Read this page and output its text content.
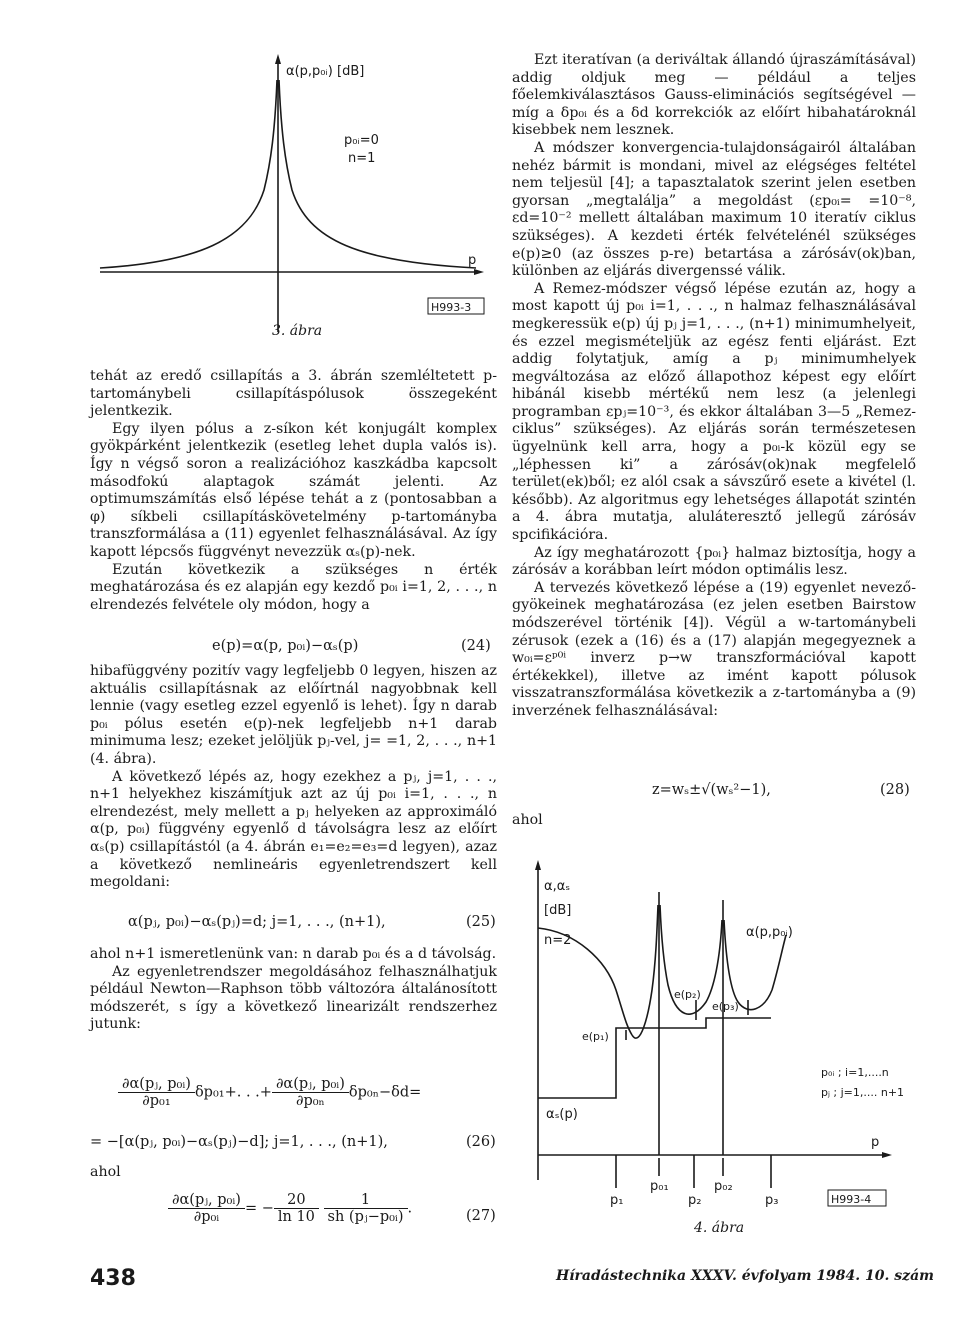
α(p,p₀ᵢ) [dB]
p₀ᵢ=0
n=1
p
H993-3
3. ábra

tehát az eredő csillapítás a 3. ábrán szemléltetett p-tartománybeli csillapításpólusok összegeként jelentkezik.

Egy ilyen pólus a z-síkon két konjugált komplex gyökpárként jelentkezik (esetleg lehet dupla valós is). Így n végső soron a realizációhoz kaszkádba kapcsolt másodfokú alaptagok számát jelenti. Az optimumszámítás első lépése tehát a z (pontosabban a φ) síkbeli csillapításkövetelmény p-tartományba transzformálása a (11) egyenlet felhasználásával. Az így kapott lépcsős függvényt nevezzük αₛ(p)-nek.

Ezután következik a szükséges n érték meghatározása és ez alapján egy kezdő p₀ᵢ i=1, 2, . . ., n elrendezés felvétele oly módon, hogy a

e(p)=α(p, p₀ᵢ)−αₛ(p)	(24)

hibafüggvény pozitív vagy legfeljebb 0 legyen, hiszen az aktuális csillapításnak az előírtnál nagyobbnak kell lennie (vagy esetleg ezzel egyenlő is lehet). Így n darab p₀ᵢ pólus esetén e(p)-nek legfeljebb n+1 darab minimuma lesz; ezeket jelöljük pⱼ-vel, j= =1, 2, . . ., n+1 (4. ábra).

A következő lépés az, hogy ezekhez a pⱼ, j=1, . . ., n+1 helyekhez kiszámítjuk azt az új p₀ᵢ i=1, . . ., n elrendezést, mely mellett a pⱼ helyeken az approximáló α(p, p₀ᵢ) függvény egyenlő d távolságra lesz az előírt αₛ(p) csillapítástól (a 4. ábrán e₁=e₂=e₃=d legyen), azaz a következő nemlineáris egyenletrendszert kell megoldani:

α(pⱼ, p₀ᵢ)−αₛ(pⱼ)=d; j=1, . . ., (n+1),	(25)

ahol n+1 ismeretlenünk van: n darab p₀ᵢ és a d távolság.

Az egyenletrendszer megoldásához felhasználhatjuk például Newton—Raphson több változóra általánosított módszerét, s így a következő linearizált rendszerhez jutunk:

$\frac{\text{∂α(pⱼ, p₀ᵢ)}}{\text{∂p₀₁}} \delta p_{01}+$. . .+ $\frac{\text{∂α(pⱼ, p₀ᵢ)}}{\text{∂p₀ₙ}} \delta p_{0n}-\delta d=$
= −[α(pⱼ, p₀ᵢ)−αₛ(pⱼ)−d]; j=1, . . ., (n+1),	(26)
ahol
$\frac{\text{∂α(pⱼ, p₀ᵢ)}}{\text{∂p₀ᵢ}}$ = − $\frac{20}{\ln 10}$
$\frac{1}{\text{sh (pⱼ−p₀ᵢ)}}$ .	(27)

Ezt iteratívan (a deriváltak állandó újraszámításával) addig oldjuk meg — például a teljes főelemkiválasztásos Gauss-eliminációs segítségével — míg a δp₀ᵢ és a δd korrekciók az előírt hibahatároknál kisebbek nem lesznek.

A módszer konvergencia-tulajdonságairól általában nehéz bármit is mondani, mivel az elégséges feltétel nem teljesül [4]; a tapasztalatok szerint jelen esetben gyorsan „megtalálja” a megoldást (εp₀ᵢ= =10⁻⁸, εd=10⁻² mellett általában maximum 10 iteratív ciklus szükséges). A kezdeti érték felvételénél szükséges e(p)≥0 (az összes p-re) betartása a zárósáv(ok)ban, különben az eljárás divergenssé válik.

A Remez-módszer végső lépése ezután az, hogy a most kapott új p₀ᵢ i=1, . . ., n halmaz felhasználásával megkeressük e(p) új pⱼ j=1, . . ., (n+1) minimumhelyeit, és ezzel megismételjük az egész fenti eljárást. Ezt addig folytatjuk, amíg a pⱼ minimumhelyek megváltozása az előző állapothoz képest egy előírt hibánál kisebb mértékű nem lesz (a jelenlegi programban εpⱼ=10⁻³, és ekkor általában 3—5 „Remez-ciklus” szükséges). Az eljárás során természetesen ügyelnünk kell arra, hogy a p₀ᵢ-k közül egy se „léphessen ki” a zárósáv(ok)nak megfelelő terület(ek)ből; ez alól csak a sávszűrő esete a kivétel (l. később). Az algoritmus egy lehetséges állapotát szintén a 4. ábra mutatja, aluláteresztő jellegű zárósáv spcifikációra.

Az így meghatározott {p₀ᵢ} halmaz biztosítja, hogy a zárósáv a korábban leírt módon optimális lesz.

A tervezés következő lépése a (19) egyenlet nevező-gyökeinek meghatározása (ez jelen esetben Bairstow módszerével történik [4]). Végül a w-tartománybeli zérusok (ezek a (16) és a (17) alapján megegyeznek a w₀ᵢ=εᵖ⁰ⁱ inverz p→w transzformációval kapott értékekkel), illetve az imént kapott pólusok visszatranszformálása következik a z-tartományba a (9) inverzének felhasználásával:

z=wₛ±√(wₛ²−1),	(28)
ahol
α,αₛ
[dB]
n=2
α(p,p₀ᵢ)
αₛ(p)
e(p₁)
e(p₂)
e(p₃)
p₀ᵢ ; i=1,....n
pⱼ ; j=1,.... n+1
p₀₁	p₀₂
p₁	p₂	p₃
p
H993-4
4. ábra
438	Híradástechnika XXXV. évfolyam 1984. 10. szám
